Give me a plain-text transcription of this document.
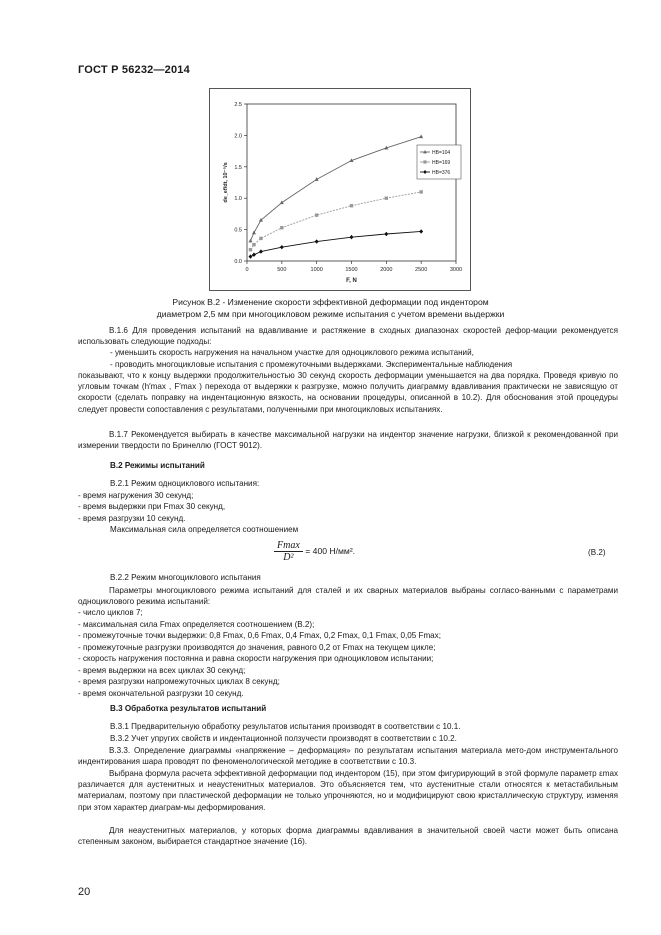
ГОСТ Р 56232—2014
0	500	1000	1500	2000	2500	3000
0.0
0.5
1.0
1.5
2.0
2.5
F, N
de_ef/dt, 10⁻⁵/s
HB=104
HB=169
HB=376
Рисунок В.2 - Изменение скорости эффективной деформации под индентором
диаметром 2,5 мм при многоцикловом режиме испытания с учетом времени выдержки
В.1.6 Для проведения испытаний на вдавливание и растяжение в сходных диапазонах скоростей дефор-мации рекомендуется использовать следующие подходы:
- уменьшить скорость нагружения на начальном участке для одноциклового режима испытаний,
- проводить многоцикловые испытания с промежуточными выдержками. Экспериментальные наблюдения
показывают, что к концу выдержки продолжительностью 30 секунд скорость деформации уменьшается на два порядка. Проведя кривую по угловым точкам (h′max , F′max ) перехода от выдержки к разгрузке, можно получить диаграмму вдавливания практически не зависящую от скорости (сделать поправку на индентационную вязкость, на основании процедуры, описанной в 10.2). Для обоснования этой процедуры следует провести сопоставления с результатами, полученными при многоцикловых испытаниях.
В.1.7 Рекомендуется выбирать в качестве максимальной нагрузки на индентор значение нагрузки, близкой к рекомендованной при измерении твердости по Бринеллю (ГОСТ 9012).
В.2 Режимы испытаний
В.2.1 Режим одноциклового испытания:
- время нагружения 30 секунд;
- время выдержки при Fmax 30 секунд,
- время разгрузки 10 секунд.
Максимальная сила определяется соотношением
$\frac{Fmax}{\text{D²}} = 400$ Н/мм².	(В.2)
В.2.2 Режим многоциклового испытания
Параметры многоциклового режима испытаний для сталей и их сварных материалов выбраны согласо-ванными с параметрами одноциклового режима испытаний:
- число циклов 7;
- максимальная сила Fmax определяется соотношением (В.2);
- промежуточные точки выдержки: 0,8 Fmax, 0,6 Fmax, 0,4 Fmax, 0,2 Fmax, 0,1 Fmax, 0,05 Fmax;
- промежуточные разгрузки производятся до значения, равного 0,2 от Fmax на текущем цикле;
- скорость нагружения постоянна и равна скорости нагружения при одноцикловом испытании;
- время выдержки на всех циклах 30 секунд;
- время разгрузки напромежуточных циклах 8 секунд;
- время окончательной разгрузки 10 секунд.
В.3 Обработка результатов испытаний
В.3.1 Предварительную обработку результатов испытания производят в соответствии с 10.1.
В.3.2 Учет упругих свойств и индентационной ползучести производят в соответствии с 10.2.
В.3.3. Определение диаграммы «напряжение – деформация» по результатам испытания материала мето-дом инструментального индентирования шара проводят по феноменологической методике в соответствии с 10.3.
Выбрана формула расчета эффективной деформации под индентором (15), при этом фигурирующий в этой формуле параметр εmax различается для аустенитных и неаустенитных материалов. Это объясняется тем, что аустенитные стали относятся к метастабильным материалам, поэтому при пластической деформации не только упрочняются, но и модифицируют свою кристаллическую структуру, изменяя при этом характер диаграм-мы деформирования.
Для неаустенитных материалов, у которых форма диаграммы вдавливания в значительной своей части может быть описана степенным законом, выбирается стандартное значение (16).
20
